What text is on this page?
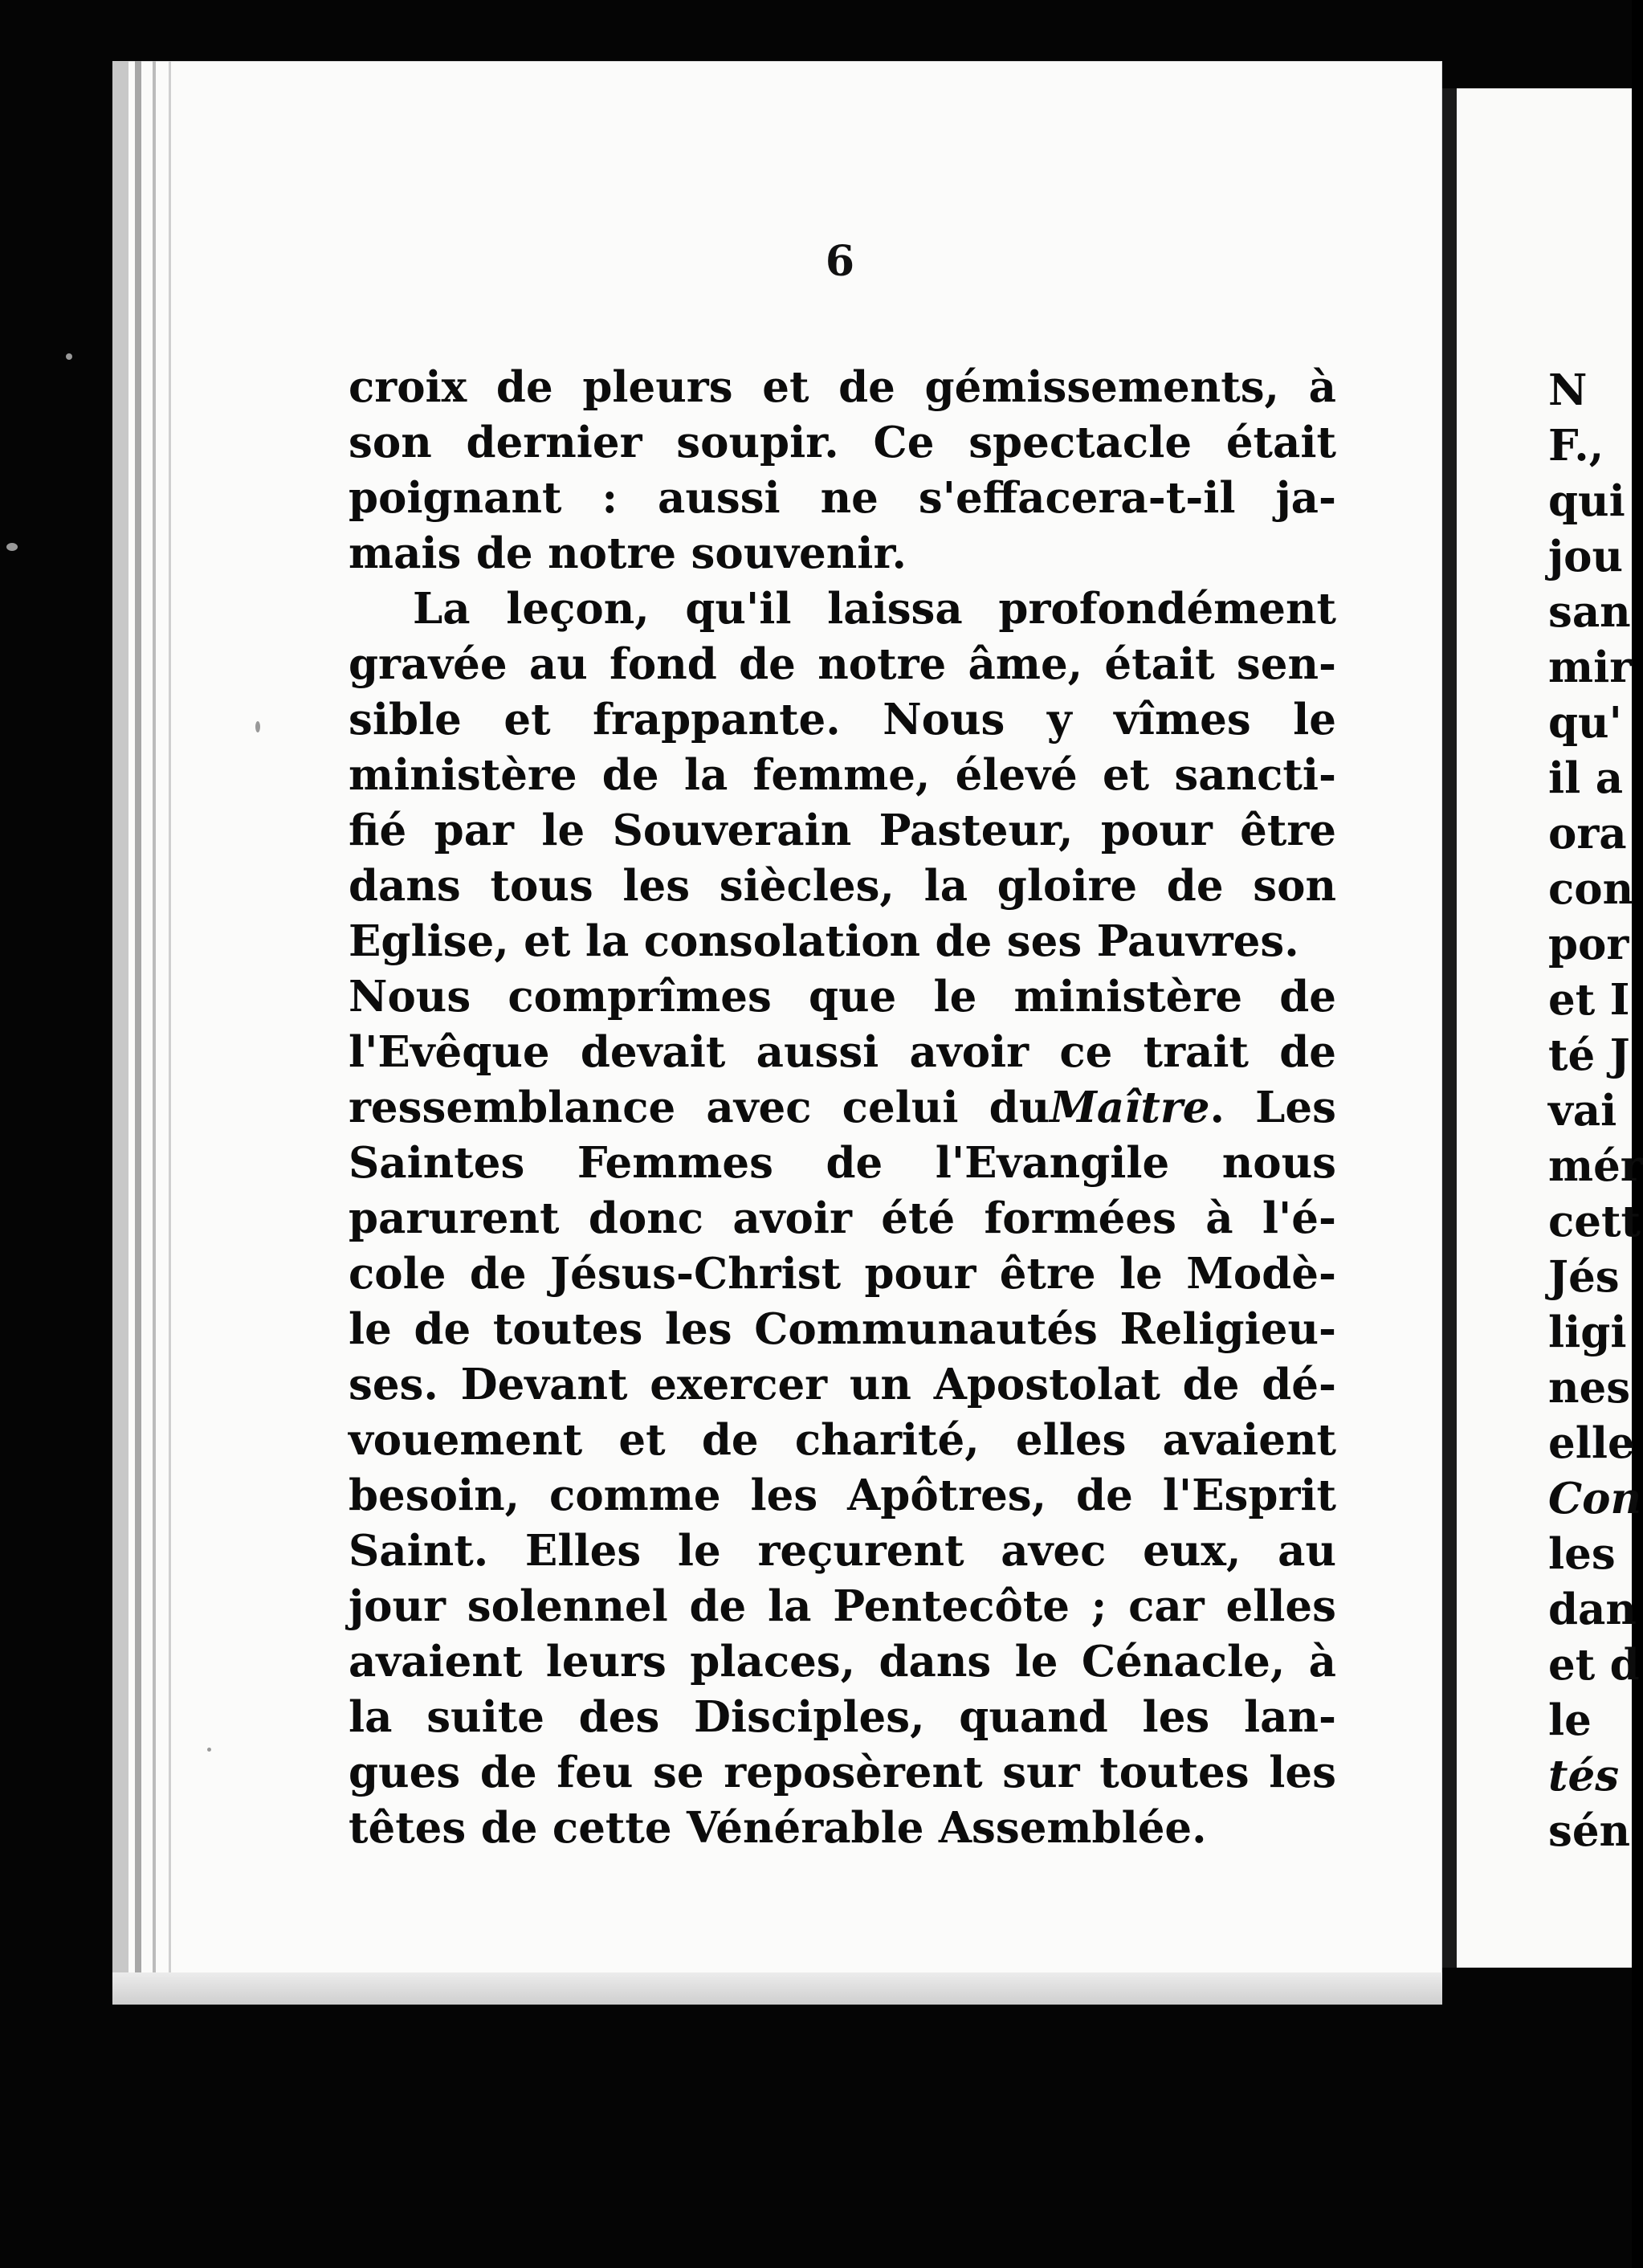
6
croix de pleurs et de gémissements, à
son dernier soupir. Ce spectacle était
poignant : aussi ne s'effacera-t-il ja-
mais de notre souvenir.
La leçon, qu'il laissa profondément
gravée au fond de notre âme, était sen-
sible et frappante. Nous y vîmes le
ministère de la femme, élevé et sancti-
fié par le Souverain Pasteur, pour être
dans tous les siècles, la gloire de son
Eglise, et la consolation de ses Pauvres.
Nous comprîmes que le ministère de
l'Evêque devait aussi avoir ce trait de
ressemblance avec celui duMaître. Les
Saintes Femmes de l'Evangile nous
parurent donc avoir été formées à l'é-
cole de Jésus-Christ pour être le Modè-
le de toutes les Communautés Religieu-
ses. Devant exercer un Apostolat de dé-
vouement et de charité, elles avaient
besoin, comme les Apôtres, de l'Esprit
Saint. Elles le reçurent avec eux, au
jour solennel de la Pentecôte ; car elles
avaient leurs places, dans le Cénacle, à
la suite des Disciples, quand les lan-
gues de feu se reposèrent sur toutes les
têtes de cette Vénérable Assemblée.
N
F.,
qui
jou
san
mir
qu'
il a
ora
con
por
et I
té J
vai
mér
cett
Jés
ligi
nes
elle
Con
les
dan
et d
le
tés
sén
